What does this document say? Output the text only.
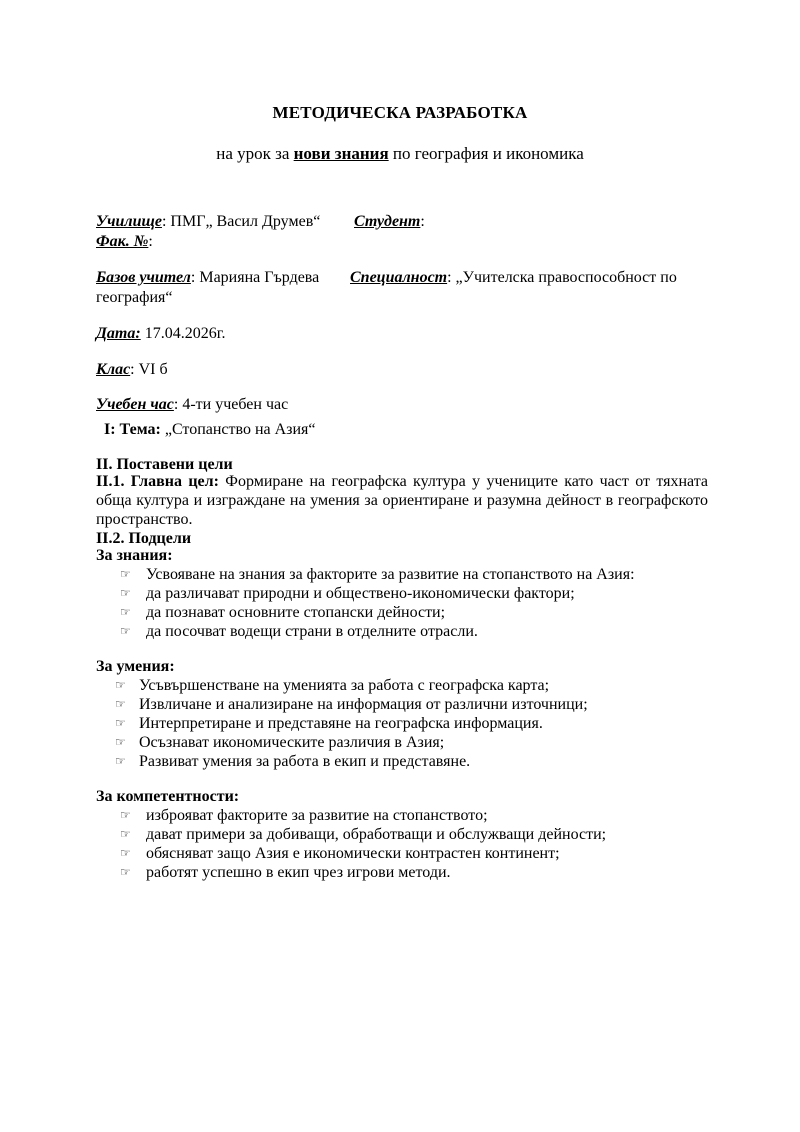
МЕТОДИЧЕСКА РАЗРАБОТКА
на урок за нови знания по география и икономика
Училище: ПМГ„ Васил Друмев“ Студент:
Фак. №:
Базов учител: Марияна Гърдева Специалност: „Учителска правоспособност по
география“
Дата: 17.04.2026г.
Клас: VI б
Учебен час: 4-ти учебен час
I: Тема: „Стопанство на Азия“
II. Поставени цели
II.1. Главна цел: Формиране на географска култура у учениците като част от тяхната обща култура и изграждане на умения за ориентиране и разумна дейност в географското пространство.
II.2. Подцели
За знания:
☞ Усвояване на знания за факторите за развитие на стопанството на Азия:
☞ да различават природни и обществено-икономически фактори;
☞ да познават основните стопански дейности;
☞ да посочват водещи страни в отделните отрасли.
За умения:
☞ Усъвършенстване на уменията за работа с географска карта;
☞ Извличане и анализиране на информация от различни източници;
☞ Интерпретиране и представяне на географска информация.
☞ Осъзнават икономическите различия в Азия;
☞ Развиват умения за работа в екип и представяне.
За компетентности:
☞ изброяват факторите за развитие на стопанството;
☞ дават примери за добиващи, обработващи и обслужващи дейности;
☞ обясняват защо Азия е икономически контрастен континент;
☞ работят успешно в екип чрез игрови методи.
